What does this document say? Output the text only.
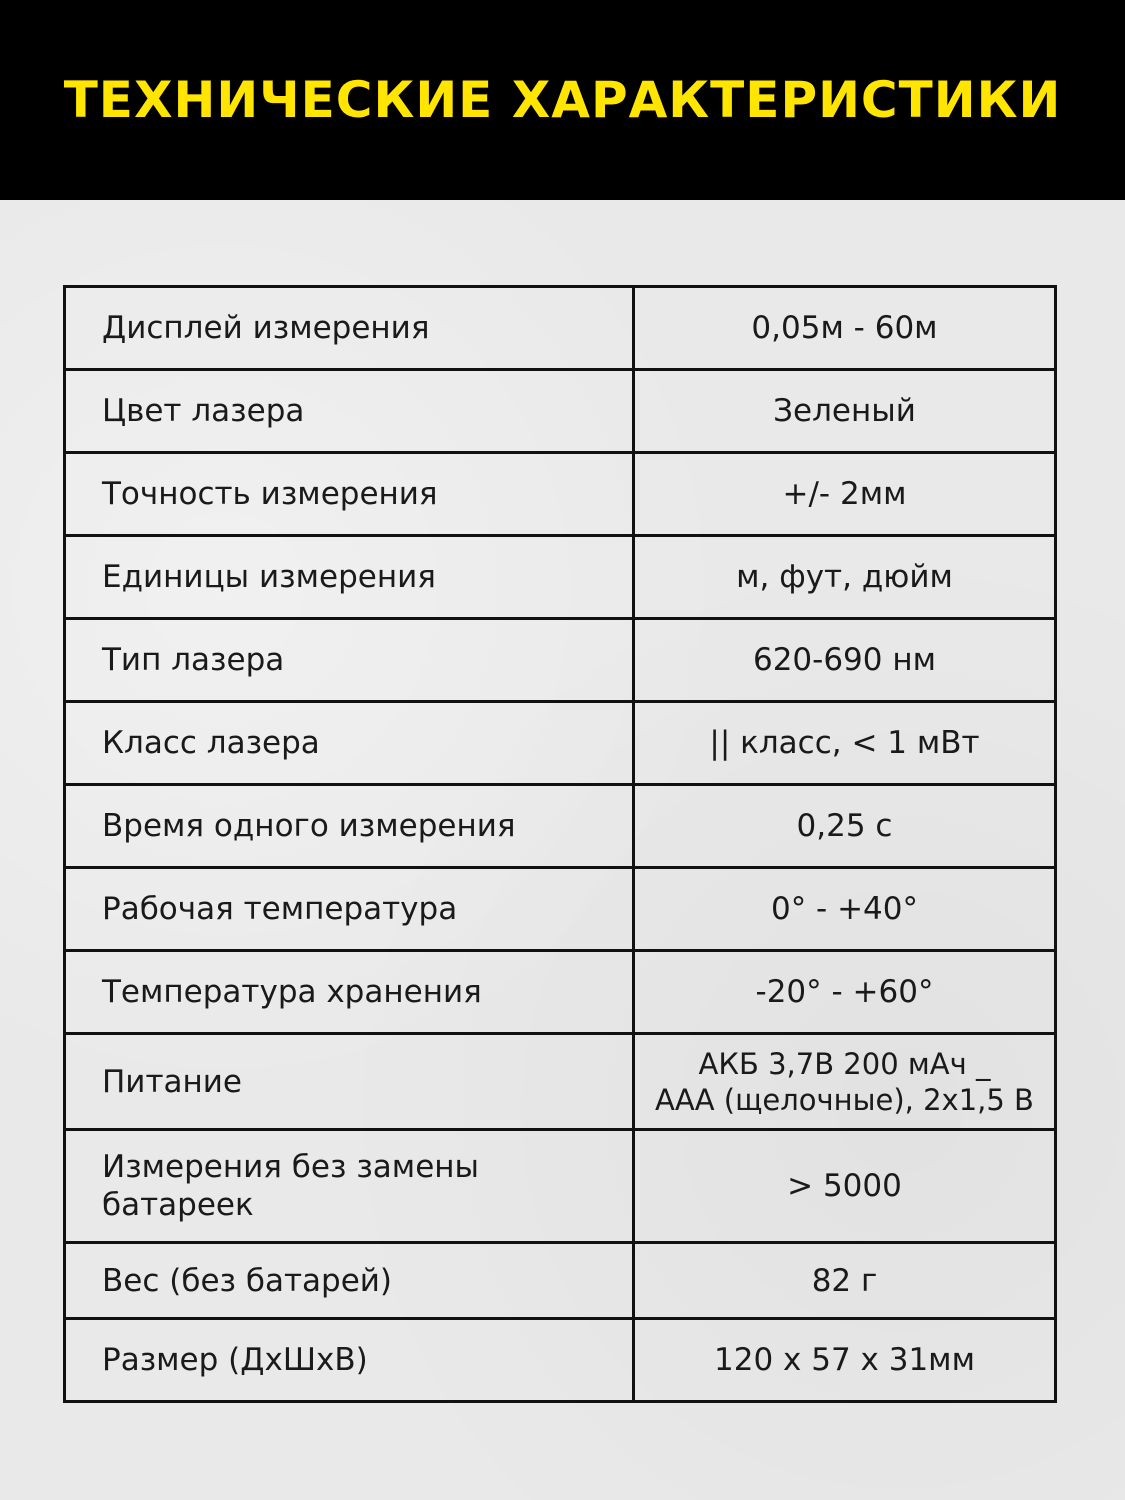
ТЕХНИЧЕСКИЕ ХАРАКТЕРИСТИКИ
Дисплей измерения	0,05м - 60м
Цвет лазера	Зеленый
Точность измерения	+/- 2мм
Единицы измерения	м, фут, дюйм
Тип лазера	620-690 нм
Класс лазера	|| класс, < 1 мВт
Время одного измерения	0,25 с
Рабочая температура	0° - +40°
Температура хранения	-20° - +60°
Питание	АКБ 3,7В 200 мАч _
ААА (щелочные), 2х1,5 В

Измерения без замены
батареек	> 5000
Вес (без батарей)	82 г
Размер (ДхШхВ)	120 х 57 х 31мм
